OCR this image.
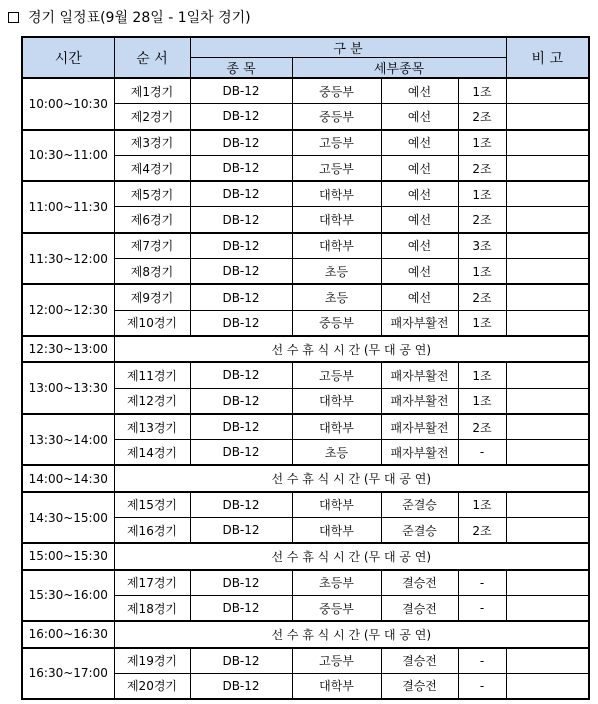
경기 일정표(9월 28일 - 1일차 경기)
시간	순 서	구 분				비 고
		종 목	세부종목			
10:00~10:30	제1경기	DB-12	중등부	예선	1조	
	제2경기	DB-12	중등부	예선	2조	
10:30~11:00	제3경기	DB-12	고등부	예선	1조	
	제4경기	DB-12	고등부	예선	2조	
11:00~11:30	제5경기	DB-12	대학부	예선	1조	
	제6경기	DB-12	대학부	예선	2조	
11:30~12:00	제7경기	DB-12	대학부	예선	3조	
	제8경기	DB-12	초등	예선	1조	
12:00~12:30	제9경기	DB-12	초등	예선	2조	
	제10경기	DB-12	중등부	패자부활전	1조	
12:30~13:00	선 수 휴 식 시 간 (무 대 공 연)					
13:00~13:30	제11경기	DB-12	고등부	패자부활전	1조	
	제12경기	DB-12	대학부	패자부활전	1조	
13:30~14:00	제13경기	DB-12	대학부	패자부활전	2조	
	제14경기	DB-12	초등	패자부활전	-	
14:00~14:30	선 수 휴 식 시 간 (무 대 공 연)					
14:30~15:00	제15경기	DB-12	대학부	준결승	1조	
	제16경기	DB-12	대학부	준결승	2조	
15:00~15:30	선 수 휴 식 시 간 (무 대 공 연)					
15:30~16:00	제17경기	DB-12	초등부	결승전	-	
	제18경기	DB-12	중등부	결승전	-	
16:00~16:30	선 수 휴 식 시 간 (무 대 공 연)					
16:30~17:00	제19경기	DB-12	고등부	결승전	-	
	제20경기	DB-12	대학부	결승전	-	
